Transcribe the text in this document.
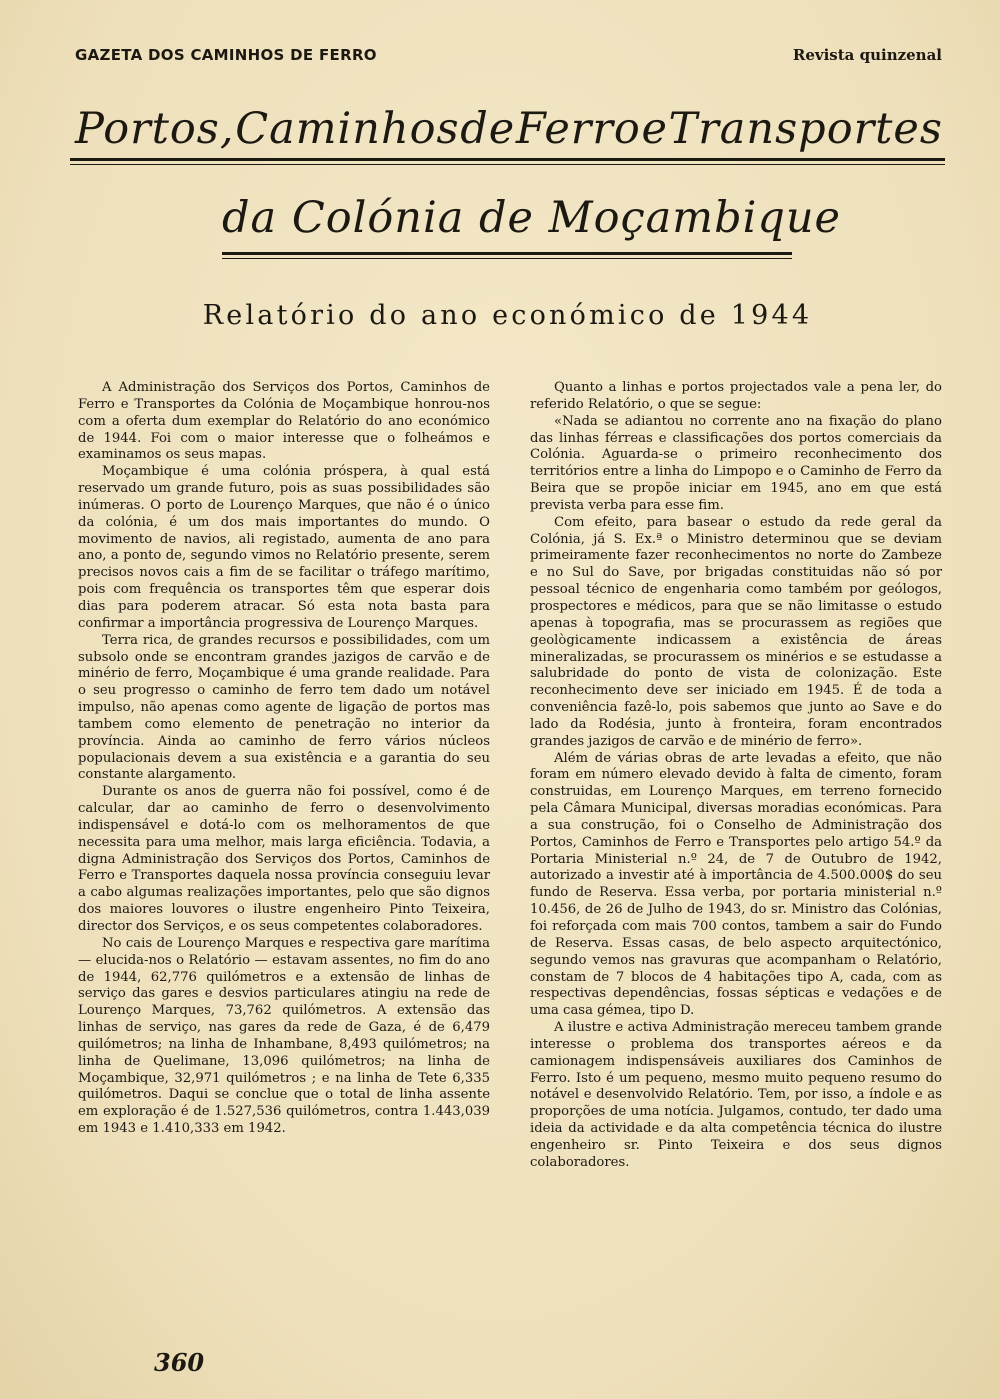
GAZETA DOS CAMINHOS DE FERRO	Revista quinzenal
Portos, Caminhos de Ferro e Transportes
da Colónia de Moçambique
Relatório do ano económico de 1944

A Administração dos Serviços dos Portos, Caminhos de Ferro e Transportes da Colónia de Moçambique honrou-nos com a oferta dum exemplar do Relatório do ano económico de 1944. Foi com o maior interesse que o folheámos e examinamos os seus mapas.

Moçambique é uma colónia próspera, à qual está reservado um grande futuro, pois as suas possibilidades são inúmeras. O porto de Lourenço Marques, que não é o único da colónia, é um dos mais importantes do mundo. O movimento de navios, ali registado, aumenta de ano para ano, a ponto de, segundo vimos no Relatório presente, serem precisos novos cais a fim de se facilitar o tráfego marítimo, pois com frequência os transportes têm que esperar dois dias para poderem atracar. Só esta nota basta para confirmar a importância progressiva de Lourenço Marques.

Terra rica, de grandes recursos e possibilidades, com um subsolo onde se encontram grandes jazigos de carvão e de minério de ferro, Moçambique é uma grande realidade. Para o seu progresso o caminho de ferro tem dado um notável impulso, não apenas como agente de ligação de portos mas tambem como elemento de penetração no interior da província. Ainda ao caminho de ferro vários núcleos populacionais devem a sua existência e a garantia do seu constante alargamento.

Durante os anos de guerra não foi possível, como é de calcular, dar ao caminho de ferro o desenvolvimento indispensável e dotá-lo com os melhoramentos de que necessita para uma melhor, mais larga eficiência. Todavia, a digna Administração dos Serviços dos Portos, Caminhos de Ferro e Transportes daquela nossa província conseguiu levar a cabo algumas realizações importantes, pelo que são dignos dos maiores louvores o ilustre engenheiro Pinto Teixeira, director dos Serviços, e os seus competentes colaboradores.

No cais de Lourenço Marques e respectiva gare marítima — elucida-nos o Relatório — estavam assentes, no fim do ano de 1944, 62,776 quilómetros e a extensão de linhas de serviço das gares e desvios particulares atingiu na rede de Lourenço Marques, 73,762 quilómetros. A extensão das linhas de serviço, nas gares da rede de Gaza, é de 6,479 quilómetros; na linha de Inhambane, 8,493 quilómetros; na linha de Quelimane, 13,096 quilómetros; na linha de Moçambique, 32,971 quilómetros ; e na linha de Tete 6,335 quilómetros. Daqui se conclue que o total de linha assente em exploração é de 1.527,536 quilómetros, contra 1.443,039 em 1943 e 1.410,333 em 1942.

Quanto a linhas e portos projectados vale a pena ler, do referido Relatório, o que se segue:

«Nada se adiantou no corrente ano na fixação do plano das linhas férreas e classificações dos portos comerciais da Colónia. Aguarda-se o primeiro reconhecimento dos territórios entre a linha do Limpopo e o Caminho de Ferro da Beira que se propõe iniciar em 1945, ano em que está prevista verba para esse fim.

Com efeito, para basear o estudo da rede geral da Colónia, já S. Ex.ª o Ministro determinou que se deviam primeiramente fazer reconhecimentos no norte do Zambeze e no Sul do Save, por brigadas constituidas não só por pessoal técnico de engenharia como também por geólogos, prospectores e médicos, para que se não limitasse o estudo apenas à topografia, mas se procurassem as regiões que geològicamente indicassem a existência de áreas mineralizadas, se procurassem os minérios e se estudasse a salubridade do ponto de vista de colonização. Este reconhecimento deve ser iniciado em 1945. É de toda a conveniência fazê-lo, pois sabemos que junto ao Save e do lado da Rodésia, junto à fronteira, foram encontrados grandes jazigos de carvão e de minério de ferro».

Além de várias obras de arte levadas a efeito, que não foram em número elevado devido à falta de cimento, foram construidas, em Lourenço Marques, em terreno fornecido pela Câmara Municipal, diversas moradias económicas. Para a sua construção, foi o Conselho de Administração dos Portos, Caminhos de Ferro e Transportes pelo artigo 54.º da Portaria Ministerial n.º 24, de 7 de Outubro de 1942, autorizado a investir até à importância de 4.500.000$ do seu fundo de Reserva. Essa verba, por portaria ministerial n.º 10.456, de 26 de Julho de 1943, do sr. Ministro das Colónias, foi reforçada com mais 700 contos, tambem a sair do Fundo de Reserva. Essas casas, de belo aspecto arquitectónico, segundo vemos nas gravuras que acompanham o Relatório, constam de 7 blocos de 4 habitações tipo A, cada, com as respectivas dependências, fossas sépticas e vedações e de uma casa gémea, tipo D.

A ilustre e activa Administração mereceu tambem grande interesse o problema dos transportes aéreos e da camionagem indispensáveis auxiliares dos Caminhos de Ferro. Isto é um pequeno, mesmo muito pequeno resumo do notável e desenvolvido Relatório. Tem, por isso, a índole e as proporções de uma notícia. Julgamos, contudo, ter dado uma ideia da actividade e da alta competência técnica do ilustre engenheiro sr. Pinto Teixeira e dos seus dignos colaboradores.

360
